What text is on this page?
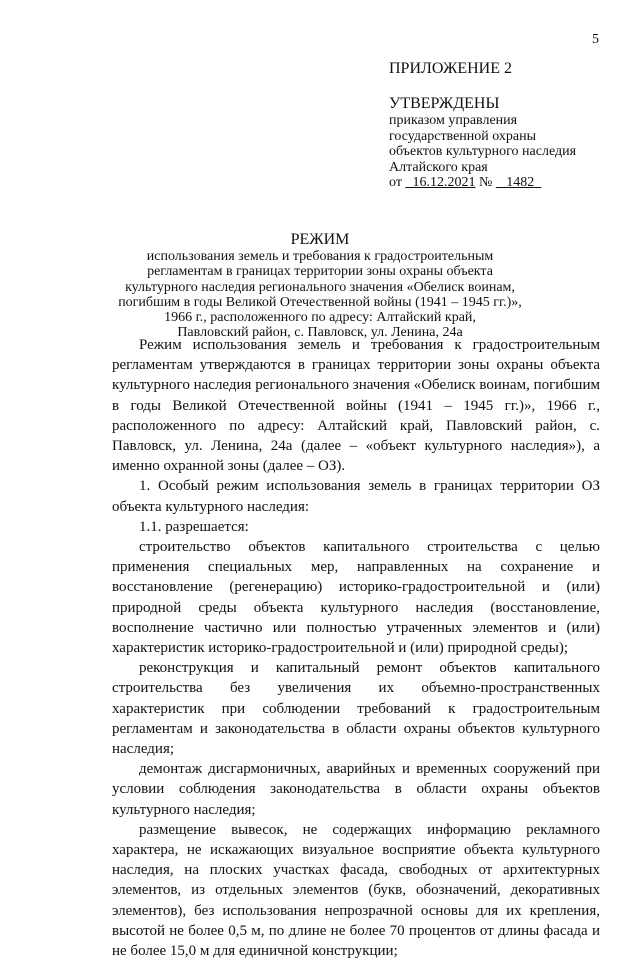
5
ПРИЛОЖЕНИЕ 2
УТВЕРЖДЕНЫ
приказом управления
государственной охраны
объектов культурного наследия
Алтайского края
от   16.12.2021 №    1482
РЕЖИМ
использования земель и требования к градостроительным
регламентам в границах территории зоны охраны объекта
культурного наследия регионального значения «Обелиск воинам,
погибшим в годы Великой Отечественной войны (1941 – 1945 гг.)»,
1966 г., расположенного по адресу: Алтайский край,
Павловский район, с. Павловск, ул. Ленина, 24а

Режим использования земель и требования к градостроительным регламентам утверждаются в границах территории зоны охраны объекта культурного наследия регионального значения «Обелиск воинам, погибшим в годы Великой Отечественной войны (1941 – 1945 гг.)», 1966 г., расположенного по адресу: Алтайский край, Павловский район, с. Павловск, ул. Ленина, 24а (далее – «объект культурного наследия»), а именно охранной зоны (далее – ОЗ).

1. Особый режим использования земель в границах территории ОЗ объекта культурного наследия:

1.1. разрешается:

строительство объектов капитального строительства с целью применения специальных мер, направленных на сохранение и восстановление (регенерацию) историко-градостроительной и (или) природной среды объекта культурного наследия (восстановление, восполнение частично или полностью утраченных элементов и (или) характеристик историко-градостроительной и (или) природной среды);

реконструкция и капитальный ремонт объектов капитального строительства без увеличения их объемно-пространственных характеристик при соблюдении требований к градостроительным регламентам и законодательства в области охраны объектов культурного наследия;

демонтаж дисгармоничных, аварийных и временных сооружений при условии соблюдения законодательства в области охраны объектов культурного наследия;

размещение вывесок, не содержащих информацию рекламного характера, не искажающих визуальное восприятие объекта культурного наследия, на плоских участках фасада, свободных от архитектурных элементов, из отдельных элементов (букв, обозначений, декоративных элементов), без использования непрозрачной основы для их крепления, высотой не более 0,5 м, по длине не более 70 процентов от длины фасада и не более 15,0 м для единичной конструкции;
